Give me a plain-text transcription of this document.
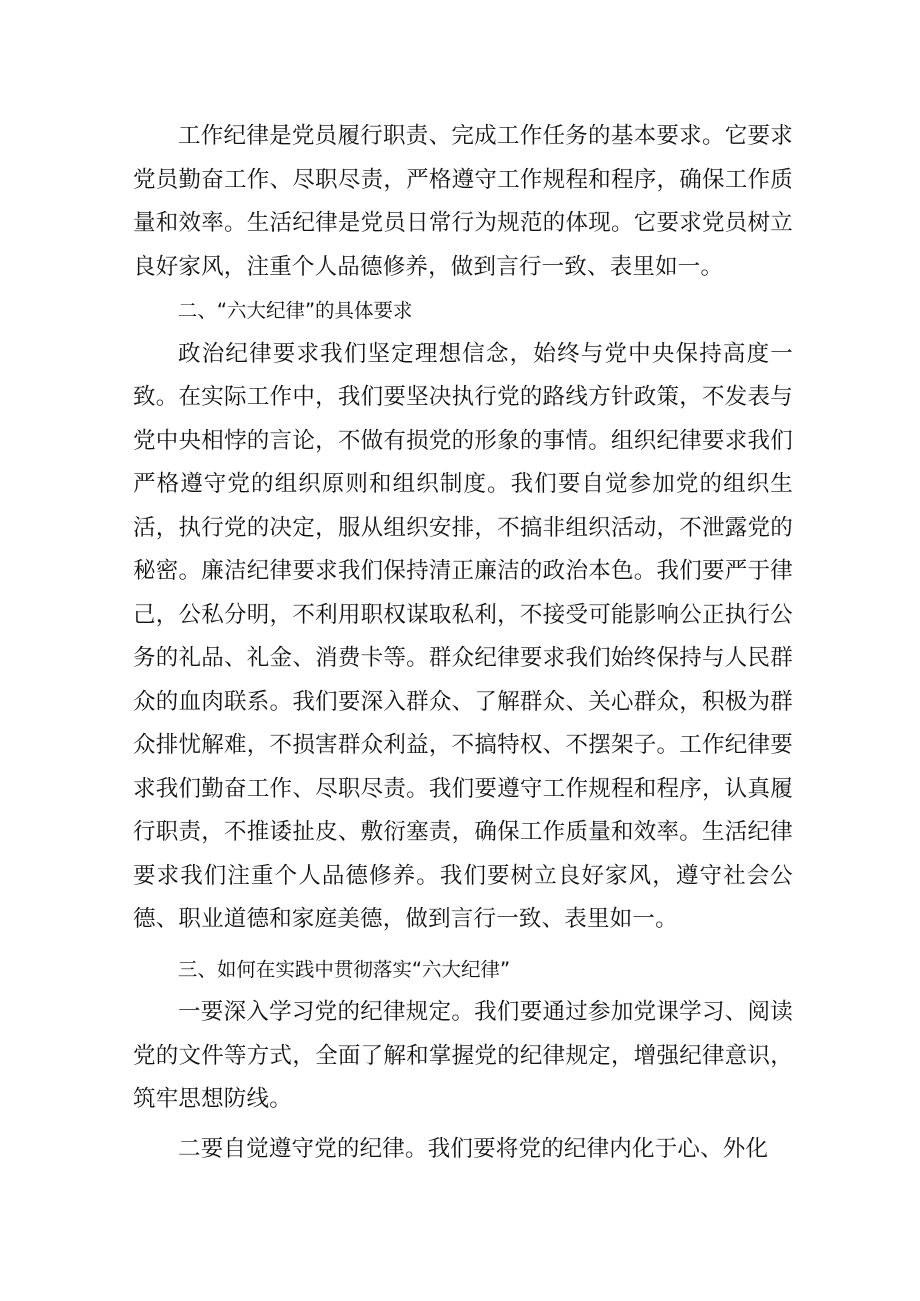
工作纪律是党员履行职责、完成工作任务的基本要求。它要求党员勤奋工作、尽职尽责，严格遵守工作规程和程序，确保工作质量和效率。生活纪律是党员日常行为规范的体现。它要求党员树立良好家风，注重个人品德修养，做到言行一致、表里如一。

二、“六大纪律”的具体要求

政治纪律要求我们坚定理想信念，始终与党中央保持高度一致。在实际工作中，我们要坚决执行党的路线方针政策，不发表与党中央相悖的言论，不做有损党的形象的事情。组织纪律要求我们严格遵守党的组织原则和组织制度。我们要自觉参加党的组织生活，执行党的决定，服从组织安排，不搞非组织活动，不泄露党的秘密。廉洁纪律要求我们保持清正廉洁的政治本色。我们要严于律己，公私分明，不利用职权谋取私利，不接受可能影响公正执行公务的礼品、礼金、消费卡等。群众纪律要求我们始终保持与人民群众的血肉联系。我们要深入群众、了解群众、关心群众，积极为群众排忧解难，不损害群众利益，不搞特权、不摆架子。工作纪律要求我们勤奋工作、尽职尽责。我们要遵守工作规程和程序，认真履行职责，不推诿扯皮、敷衍塞责，确保工作质量和效率。生活纪律要求我们注重个人品德修养。我们要树立良好家风，遵守社会公德、职业道德和家庭美德，做到言行一致、表里如一。

三、如何在实践中贯彻落实“六大纪律”

一要深入学习党的纪律规定。我们要通过参加党课学习、阅读党的文件等方式，全面了解和掌握党的纪律规定，增强纪律意识，筑牢思想防线。

二要自觉遵守党的纪律。我们要将党的纪律内化于心、外化
